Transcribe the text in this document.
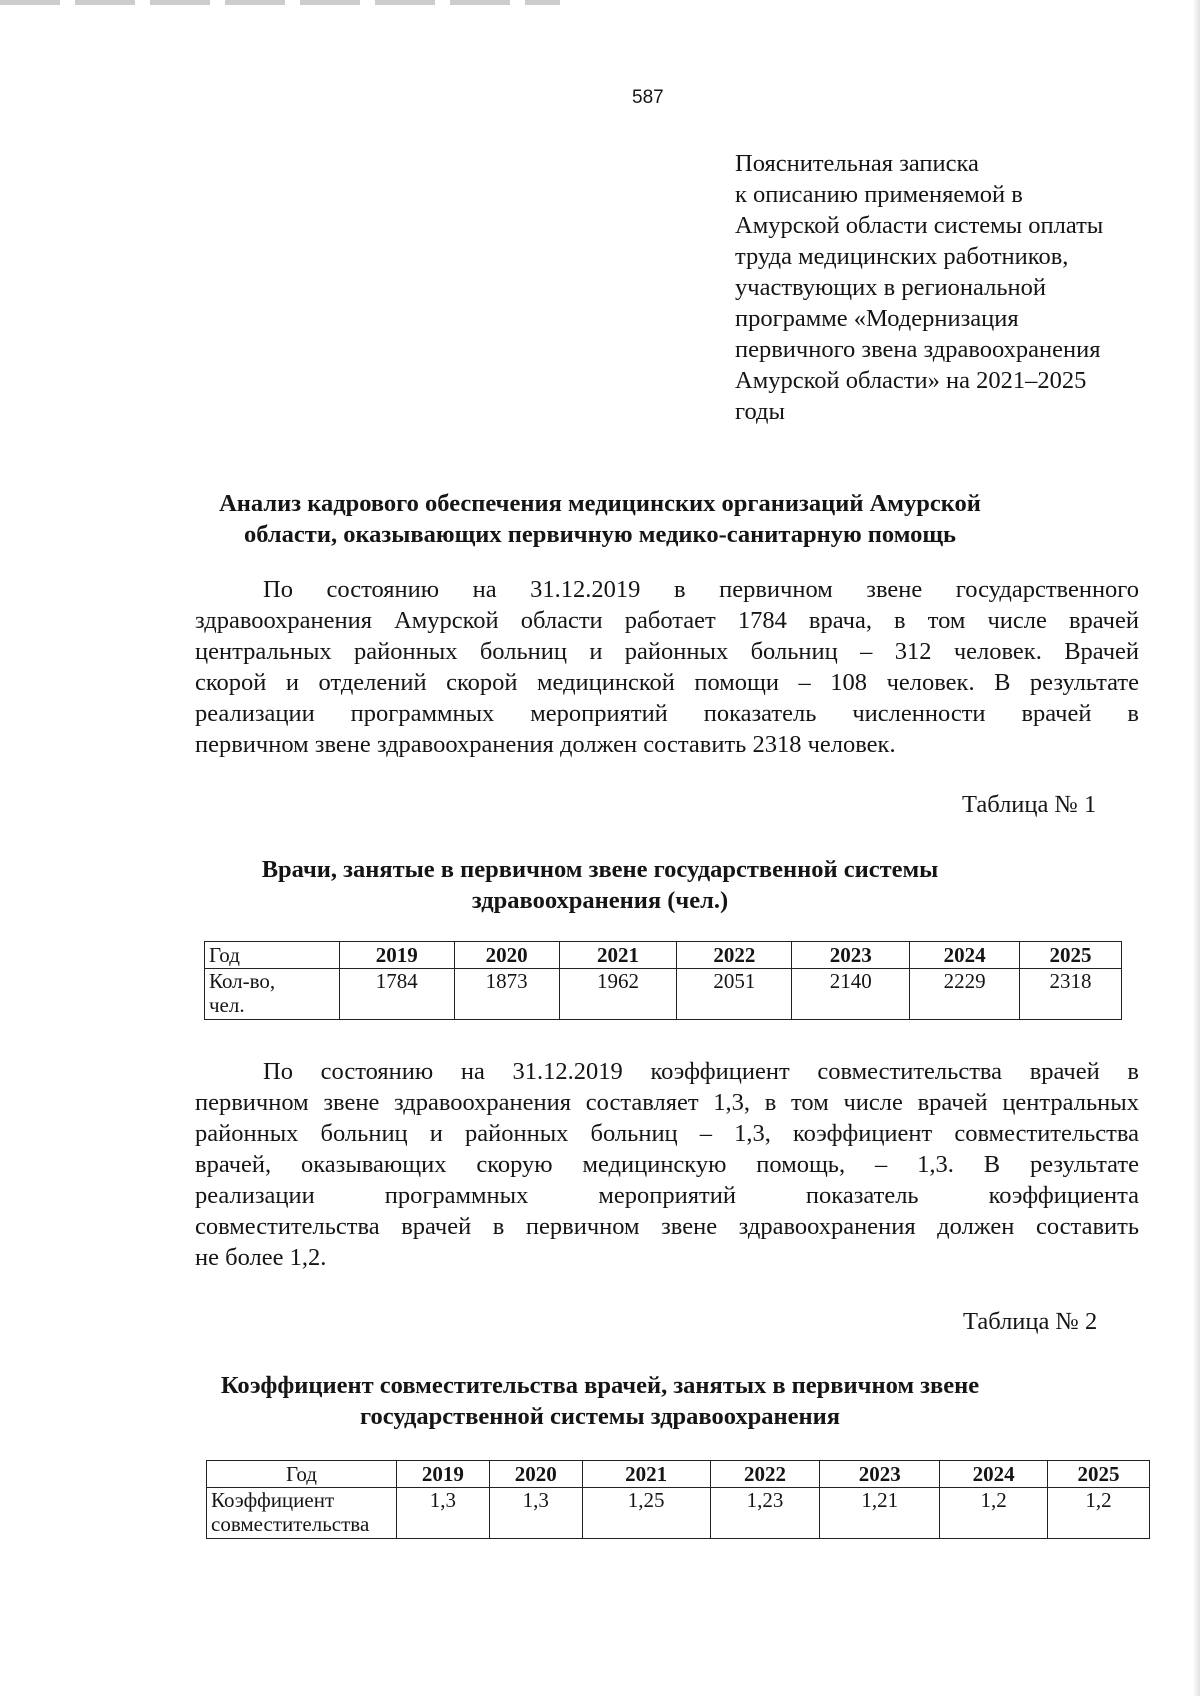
587
Пояснительная записка
к описанию применяемой в
Амурской области системы оплаты
труда медицинских работников,
участвующих в региональной
программе «Модернизация
первичного звена здравоохранения
Амурской области» на 2021–2025
годы
Анализ кадрового обеспечения медицинских организаций Амурской
области, оказывающих первичную медико-санитарную помощь
По состоянию на 31.12.2019 в первичном звене государственного
здравоохранения Амурской области работает 1784 врача, в том числе врачей
центральных районных больниц и районных больниц – 312 человек. Врачей
скорой и отделений скорой медицинской помощи – 108 человек. В результате
реализации программных мероприятий показатель численности врачей в
первичном звене здравоохранения должен составить 2318 человек.
Таблица № 1
Врачи, занятые в первичном звене государственной системы
здравоохранения (чел.)
Год	2019	2020	2021	2022	2023	2024	2025

Кол-во,
чел.	1784	1873	1962	2051	2140	2229	2318
По состоянию на 31.12.2019 коэффициент совместительства врачей в
первичном звене здравоохранения составляет 1,3, в том числе врачей центральных
районных больниц и районных больниц – 1,3, коэффициент совместительства
врачей, оказывающих скорую медицинскую помощь, – 1,3. В результате
реализации программных мероприятий показатель коэффициента
совместительства врачей в первичном звене здравоохранения должен составить
не более 1,2.
Таблица № 2
Коэффициент совместительства врачей, занятых в первичном звене
государственной системы здравоохранения
Год	2019	2020	2021	2022	2023	2024	2025

Коэффициент
совместительства	1,3	1,3	1,25	1,23	1,21	1,2	1,2
